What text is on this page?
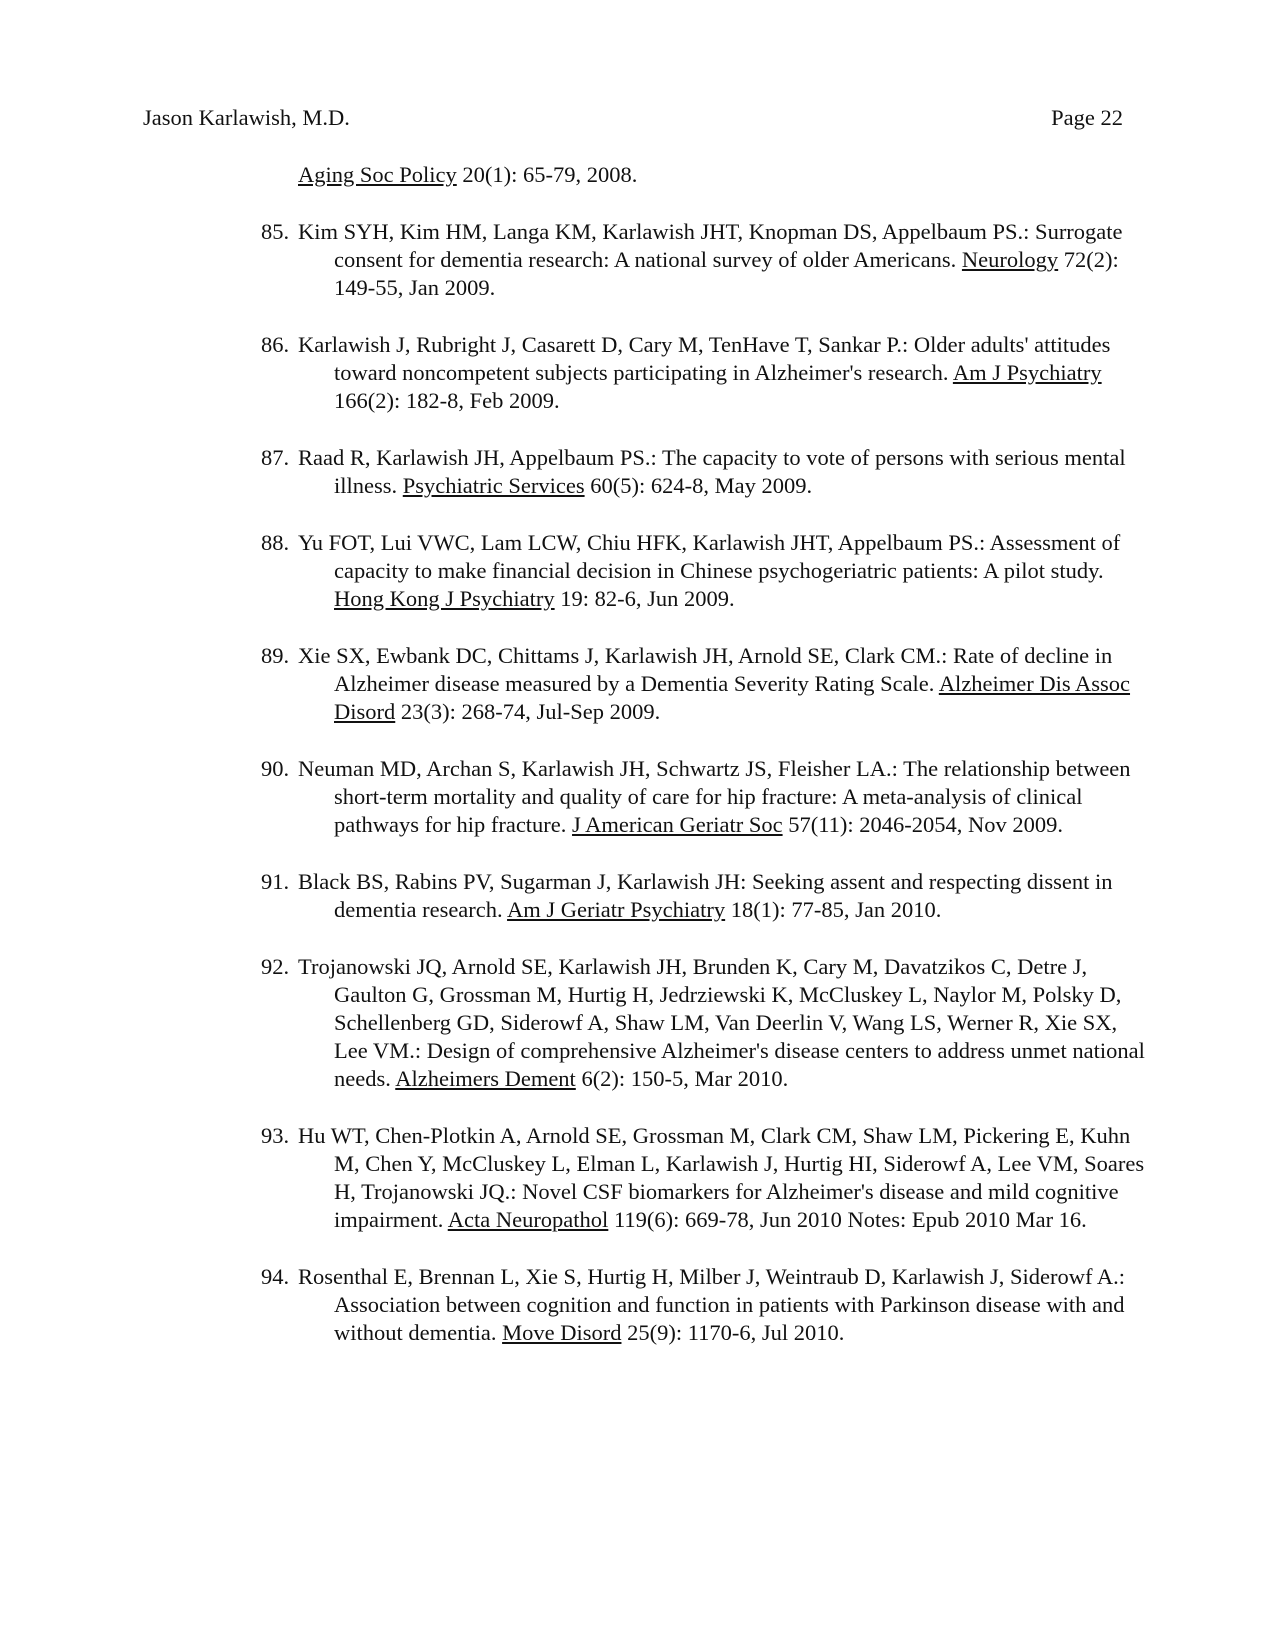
Jason Karlawish, M.D.	Page 22

Aging Soc Policy 20(1): 65-79, 2008.

85. Kim SYH, Kim HM, Langa KM, Karlawish JHT, Knopman DS, Appelbaum PS.: Surrogate consent for dementia research: A national survey of older Americans. Neurology 72(2): 149-55, Jan 2009.

86. Karlawish J, Rubright J, Casarett D, Cary M, TenHave T, Sankar P.: Older adults' attitudes toward noncompetent subjects participating in Alzheimer's research. Am J Psychiatry 166(2): 182-8, Feb 2009.

87. Raad R, Karlawish JH, Appelbaum PS.: The capacity to vote of persons with serious mental illness. Psychiatric Services 60(5): 624-8, May 2009.

88. Yu FOT, Lui VWC, Lam LCW, Chiu HFK, Karlawish JHT, Appelbaum PS.: Assessment of capacity to make financial decision in Chinese psychogeriatric patients: A pilot study. Hong Kong J Psychiatry 19: 82-6, Jun 2009.

89. Xie SX, Ewbank DC, Chittams J, Karlawish JH, Arnold SE, Clark CM.: Rate of decline in Alzheimer disease measured by a Dementia Severity Rating Scale. Alzheimer Dis Assoc Disord 23(3): 268-74, Jul-Sep 2009.

90. Neuman MD, Archan S, Karlawish JH, Schwartz JS, Fleisher LA.: The relationship between short-term mortality and quality of care for hip fracture: A meta-analysis of clinical pathways for hip fracture. J American Geriatr Soc 57(11): 2046-2054, Nov 2009.

91. Black BS, Rabins PV, Sugarman J, Karlawish JH: Seeking assent and respecting dissent in dementia research. Am J Geriatr Psychiatry 18(1): 77-85, Jan 2010.

92. Trojanowski JQ, Arnold SE, Karlawish JH, Brunden K, Cary M, Davatzikos C, Detre J, Gaulton G, Grossman M, Hurtig H, Jedrziewski K, McCluskey L, Naylor M, Polsky D, Schellenberg GD, Siderowf A, Shaw LM, Van Deerlin V, Wang LS, Werner R, Xie SX, Lee VM.: Design of comprehensive Alzheimer's disease centers to address unmet national needs. Alzheimers Dement 6(2): 150-5, Mar 2010.

93. Hu WT, Chen-Plotkin A, Arnold SE, Grossman M, Clark CM, Shaw LM, Pickering E, Kuhn M, Chen Y, McCluskey L, Elman L, Karlawish J, Hurtig HI, Siderowf A, Lee VM, Soares H, Trojanowski JQ.: Novel CSF biomarkers for Alzheimer's disease and mild cognitive impairment. Acta Neuropathol 119(6): 669-78, Jun 2010 Notes: Epub 2010 Mar 16.

94. Rosenthal E, Brennan L, Xie S, Hurtig H, Milber J, Weintraub D, Karlawish J, Siderowf A.: Association between cognition and function in patients with Parkinson disease with and without dementia. Move Disord 25(9): 1170-6, Jul 2010.
